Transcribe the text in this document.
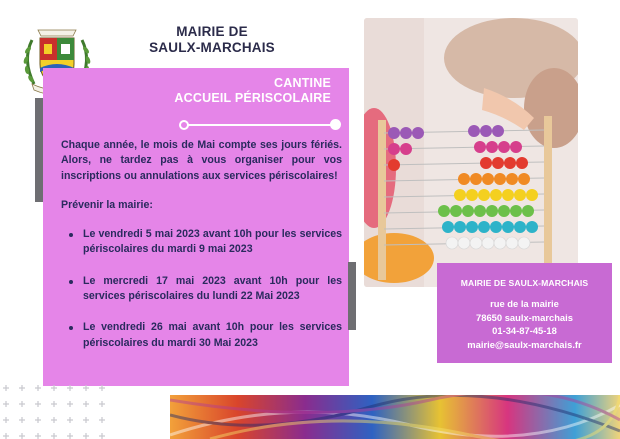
MAIRIE DE
SAULX-MARCHAIS
CANTINE
ACCUEIL PÉRISCOLAIRE

Chaque année, le mois de Mai compte ses jours fériés. Alors, ne tardez pas à vous organiser pour vos inscriptions ou annulations aux services périscolaires!

Prévenir la mairie:

Le vendredi 5 mai 2023 avant 10h pour les services périscolaires du mardi 9 mai 2023
Le mercredi 17 mai 2023 avant 10h pour les services périscolaires du lundi 22 Mai 2023
Le vendredi 26 mai avant 10h pour les services périscolaires du mardi 30 Mai 2023
MAIRIE DE SAULX-MARCHAIS
rue de la mairie
78650 saulx-marchais
01-34-87-45-18
mairie@saulx-marchais.fr
